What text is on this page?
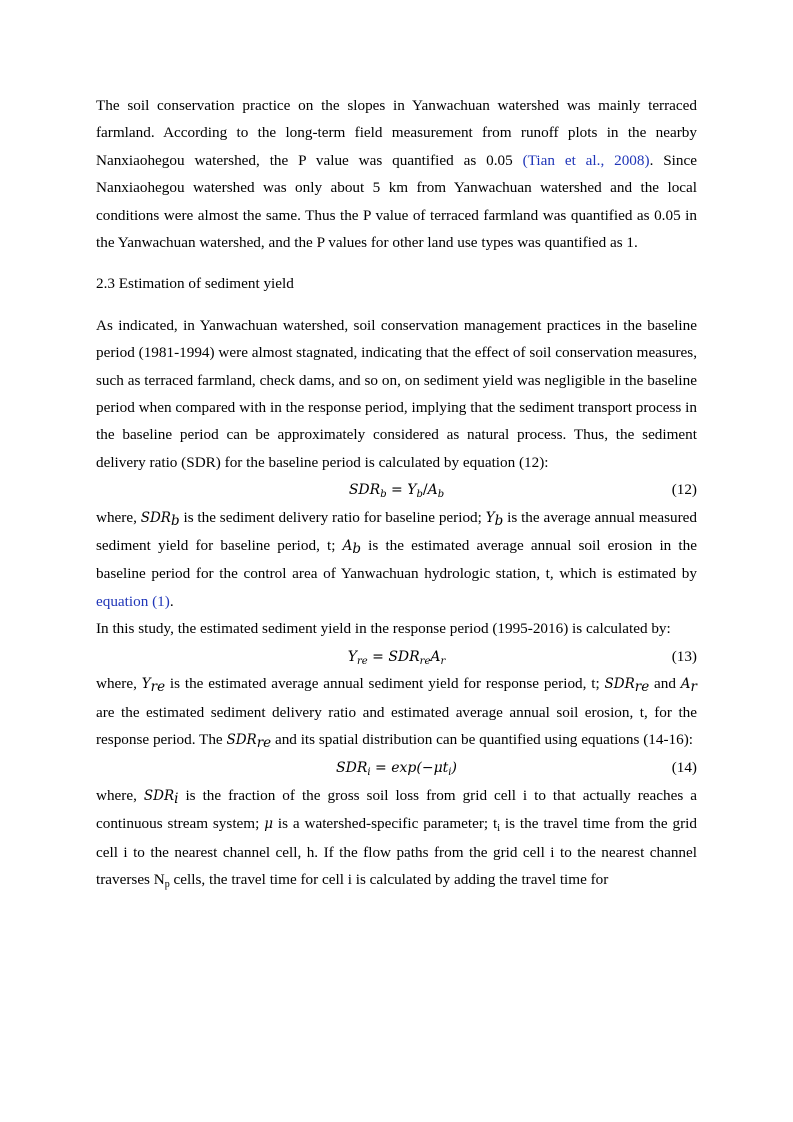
The soil conservation practice on the slopes in Yanwachuan watershed was mainly terraced farmland. According to the long-term field measurement from runoff plots in the nearby Nanxiaohegou watershed, the P value was quantified as 0.05 (Tian et al., 2008). Since Nanxiaohegou watershed was only about 5 km from Yanwachuan watershed and the local conditions were almost the same. Thus the P value of terraced farmland was quantified as 0.05 in the Yanwachuan watershed, and the P values for other land use types was quantified as 1.

2.3 Estimation of sediment yield

As indicated, in Yanwachuan watershed, soil conservation management practices in the baseline period (1981-1994) were almost stagnated, indicating that the effect of soil conservation measures, such as terraced farmland, check dams, and so on, on sediment yield was negligible in the baseline period when compared with in the response period, implying that the sediment transport process in the baseline period can be approximately considered as natural process. Thus, the sediment delivery ratio (SDR) for the baseline period is calculated by equation (12):

$SDR_b = Y_b/A_b$	(12)

where, $SDR_b$ is the sediment delivery ratio for baseline period; $Y_b$ is the average annual measured sediment yield for baseline period, t; $A_b$ is the estimated average annual soil erosion in the baseline period for the control area of Yanwachuan hydrologic station, t, which is estimated by equation (1).

In this study, the estimated sediment yield in the response period (1995-2016) is calculated by:

$Y_{re} = SDR_{re}A_r$	(13)

where, $Y_{re}$ is the estimated average annual sediment yield for response period, t; $SDR_{re}$ and $A_r$ are the estimated sediment delivery ratio and estimated average annual soil erosion, t, for the response period. The $SDR_{re}$ and its spatial distribution can be quantified using equations (14-16):

$SDR_i = \exp(-\mu t_i)$	(14)

where, $SDR_i$ is the fraction of the gross soil loss from grid cell i to that actually reaches a continuous stream system; μ is a watershed-specific parameter; $t_i$ is the travel time from the grid cell i to the nearest channel cell, h. If the flow paths from the grid cell i to the nearest channel traverses $N_p$ cells, the travel time for cell i is calculated by adding the travel time for
